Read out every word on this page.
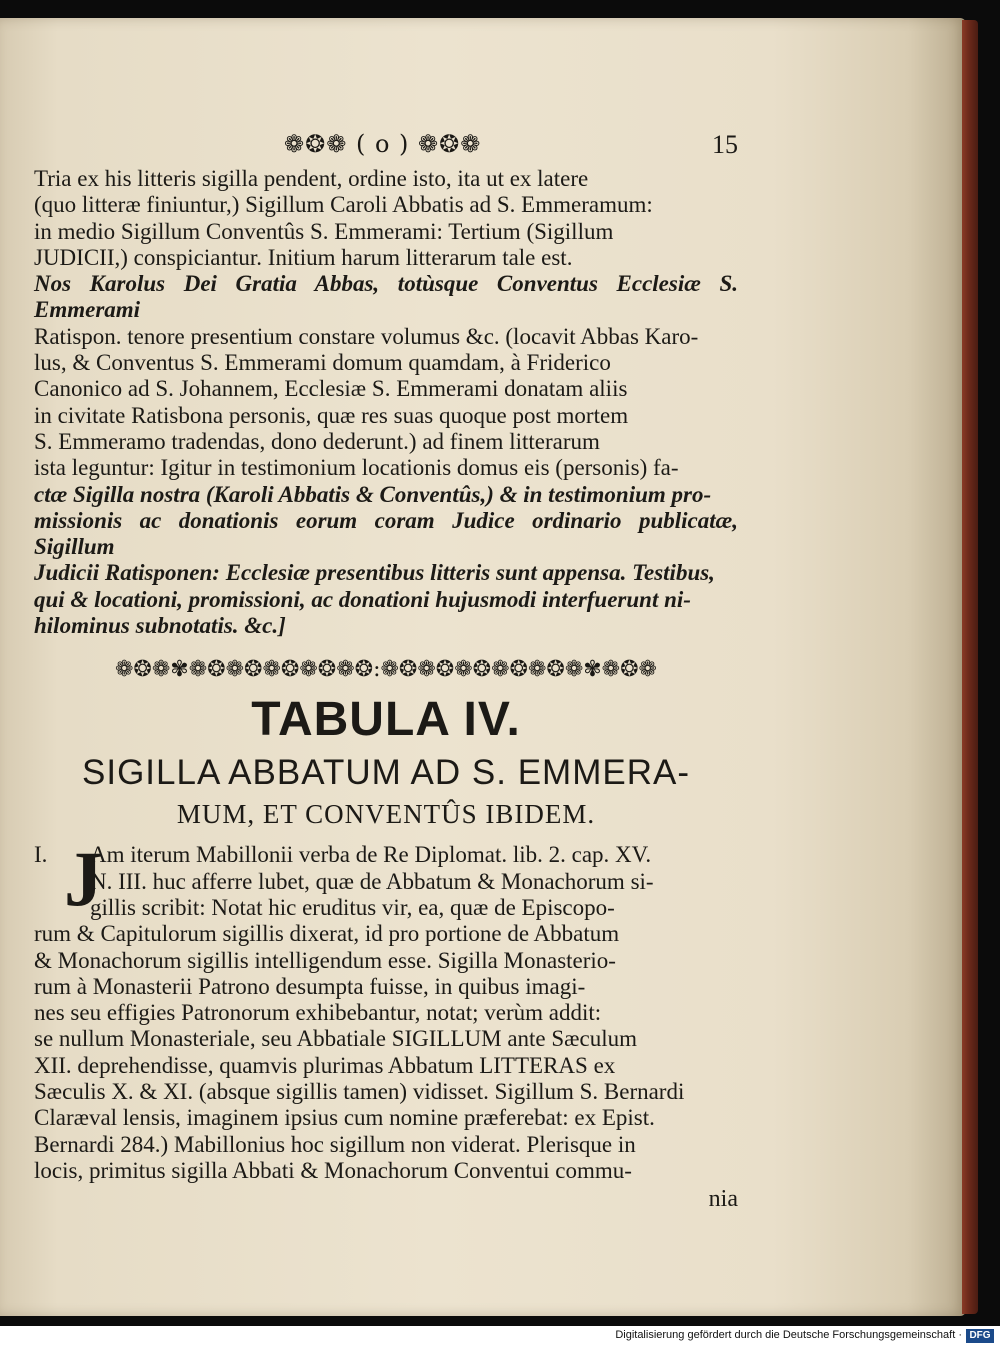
❁❂❁ ( o ) ❁❂❁	15

Tria ex his litteris sigilla pendent, ordine isto, ita ut ex latere

(quo litteræ finiuntur,) Sigillum Caroli Abbatis ad S. Emmeramum:

in medio Sigillum Conventûs S. Emmerami: Tertium (Sigillum

JUDICII,) conspiciantur. Initium harum litterarum tale est.

Nos Karolus Dei Gratia Abbas, totùsque Conventus Ecclesiæ S. Emmerami

Ratispon. tenore presentium constare volumus &c. (locavit Abbas Karo-

lus, & Conventus S. Emmerami domum quamdam, à Friderico

Canonico ad S. Johannem, Ecclesiæ S. Emmerami donatam aliis

in civitate Ratisbona personis, quæ res suas quoque post mortem

S. Emmeramo tradendas, dono dederunt.) ad finem litterarum

ista leguntur: Igitur in testimonium locationis domus eis (personis) fa-

ctæ Sigilla nostra (Karoli Abbatis & Conventûs,) & in testimonium pro-

missionis ac donationis eorum coram Judice ordinario publicatæ, Sigillum

Judicii Ratisponen: Ecclesiæ presentibus litteris sunt appensa. Testibus,

qui & locationi, promissioni, ac donationi hujusmodi interfuerunt ni-

hilominus subnotatis. &c.]

❁❂❁✾❁❂❁❂❁❂❁❂❁❂:❁❂❁❂❁❂❁❂❁❂❁✾❁❂❁
TABULA IV.
SIGILLA ABBATUM AD S. EMMERA-
MUM, ET CONVENTÛS IBIDEM.
I. J

Am iterum Mabillonii verba de Re Diplomat. lib. 2. cap. XV.

N. III. huc afferre lubet, quæ de Abbatum & Monachorum si-

gillis scribit: Notat hic eruditus vir, ea, quæ de Episcopo-

rum & Capitulorum sigillis dixerat, id pro portione de Abbatum

& Monachorum sigillis intelligendum esse. Sigilla Monasterio-

rum à Monasterii Patrono desumpta fuisse, in quibus imagi-

nes seu effigies Patronorum exhibebantur, notat; verùm addit:

se nullum Monasteriale, seu Abbatiale SIGILLUM ante Sæculum

XII. deprehendisse, quamvis plurimas Abbatum LITTERAS ex

Sæculis X. & XI. (absque sigillis tamen) vidisset. Sigillum S. Bernardi

Claræval lensis, imaginem ipsius cum nomine præferebat: ex Epist.

Bernardi 284.) Mabillonius hoc sigillum non viderat. Plerisque in

locis, primitus sigilla Abbati & Monachorum Conventui commu-

nia
Digitalisierung gefördert durch die Deutsche Forschungsgemeinschaft · DFG
